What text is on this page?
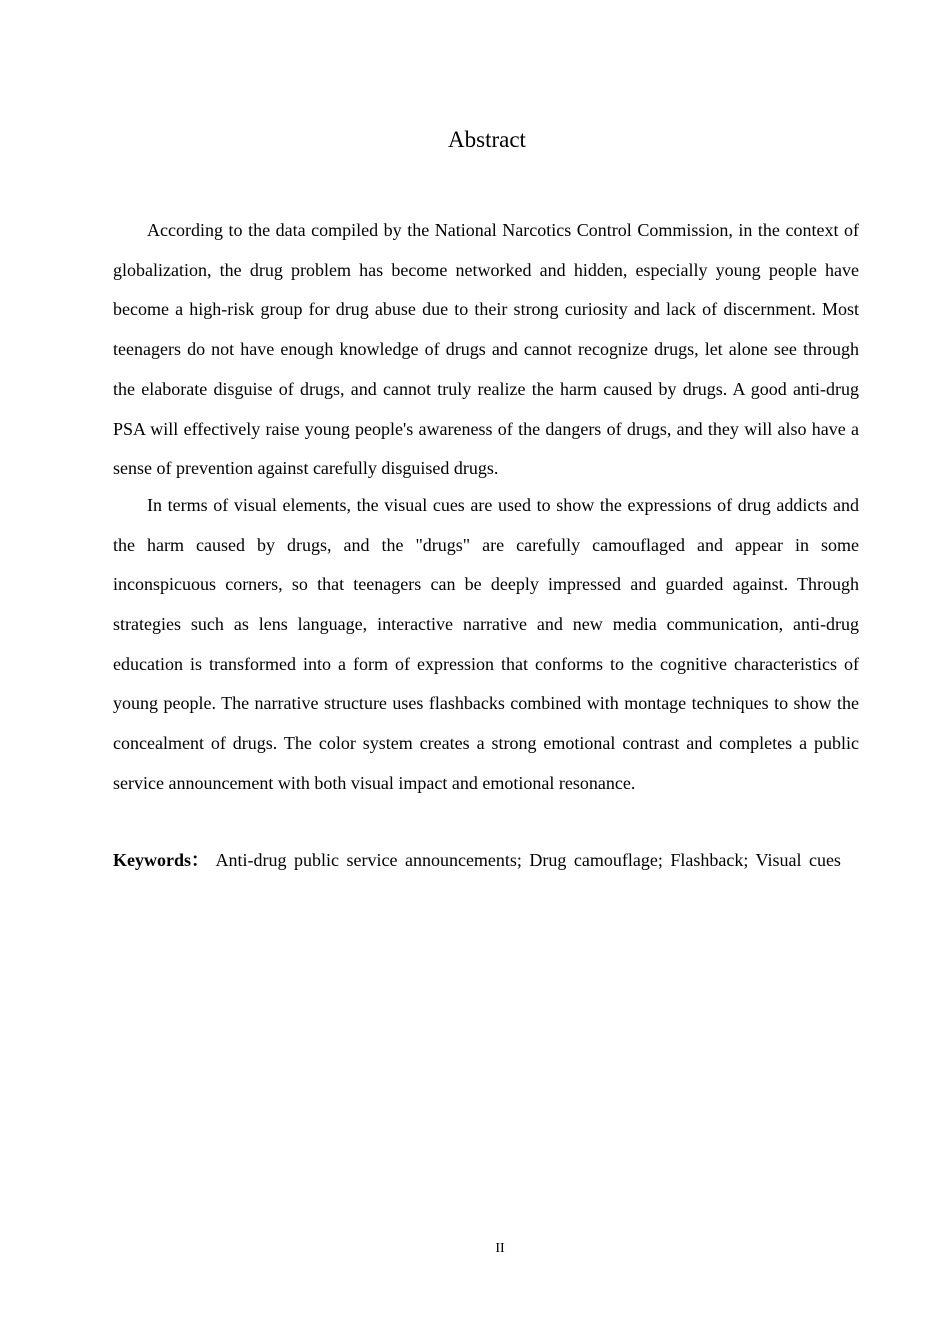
Abstract

According to the data compiled by the National Narcotics Control Commission, in the context of globalization, the drug problem has become networked and hidden, especially young people have become a high-risk group for drug abuse due to their strong curiosity and lack of discernment. Most teenagers do not have enough knowledge of drugs and cannot recognize drugs, let alone see through the elaborate disguise of drugs, and cannot truly realize the harm caused by drugs. A good anti-drug PSA will effectively raise young people's awareness of the dangers of drugs, and they will also have a sense of prevention against carefully disguised drugs.

In terms of visual elements, the visual cues are used to show the expressions of drug addicts and the harm caused by drugs, and the "drugs" are carefully camouflaged and appear in some inconspicuous corners, so that teenagers can be deeply impressed and guarded against. Through strategies such as lens language, interactive narrative and new media communication, anti-drug education is transformed into a form of expression that conforms to the cognitive characteristics of young people. The narrative structure uses flashbacks combined with montage techniques to show the concealment of drugs. The color system creates a strong emotional contrast and completes a public service announcement with both visual impact and emotional resonance.

Keywords： Anti-drug public service announcements; Drug camouflage; Flashback; Visual cues

II
